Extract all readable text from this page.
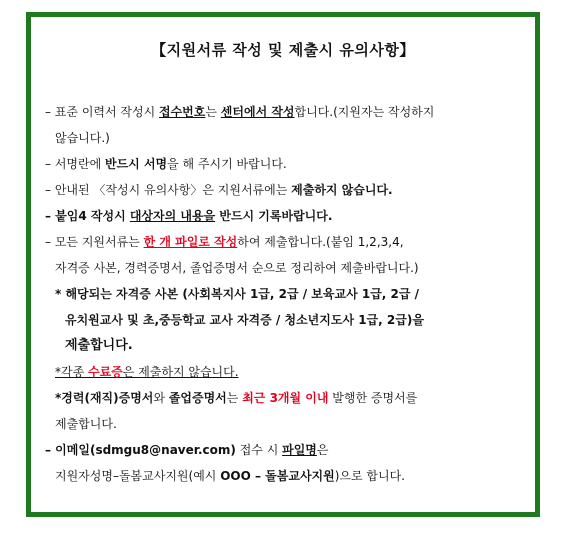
【지원서류 작성 및 제출시 유의사항】
– 표준 이력서 작성시 접수번호는 센터에서 작성합니다.(지원자는 작성하지
않습니다.)
– 서명란에 반드시 서명을 해 주시기 바랍니다.
– 안내된 〈작성시 유의사항〉은 지원서류에는 제출하지 않습니다.
– 붙임4 작성시 대상자의 내용을 반드시 기록바랍니다.
– 모든 지원서류는 한 개 파일로 작성하여 제출합니다.(붙임 1,2,3,4,
자격증 사본, 경력증명서, 졸업증명서 순으로 정리하여 제출바랍니다.)
* 해당되는 자격증 사본 (사회복지사 1급, 2급 / 보육교사 1급, 2급 /
유치원교사 및 초,중등학교 교사 자격증 / 청소년지도사 1급, 2급)을
제출합니다.
*각종 수료증은 제출하지 않습니다.
*경력(재직)증명서와 졸업증명서는 최근 3개월 이내 발행한 증명서를
제출합니다.
– 이메일(sdmgu8@naver.com) 접수 시 파일명은
지원자성명–돌봄교사지원(예시 OOO – 돌봄교사지원)으로 합니다.
